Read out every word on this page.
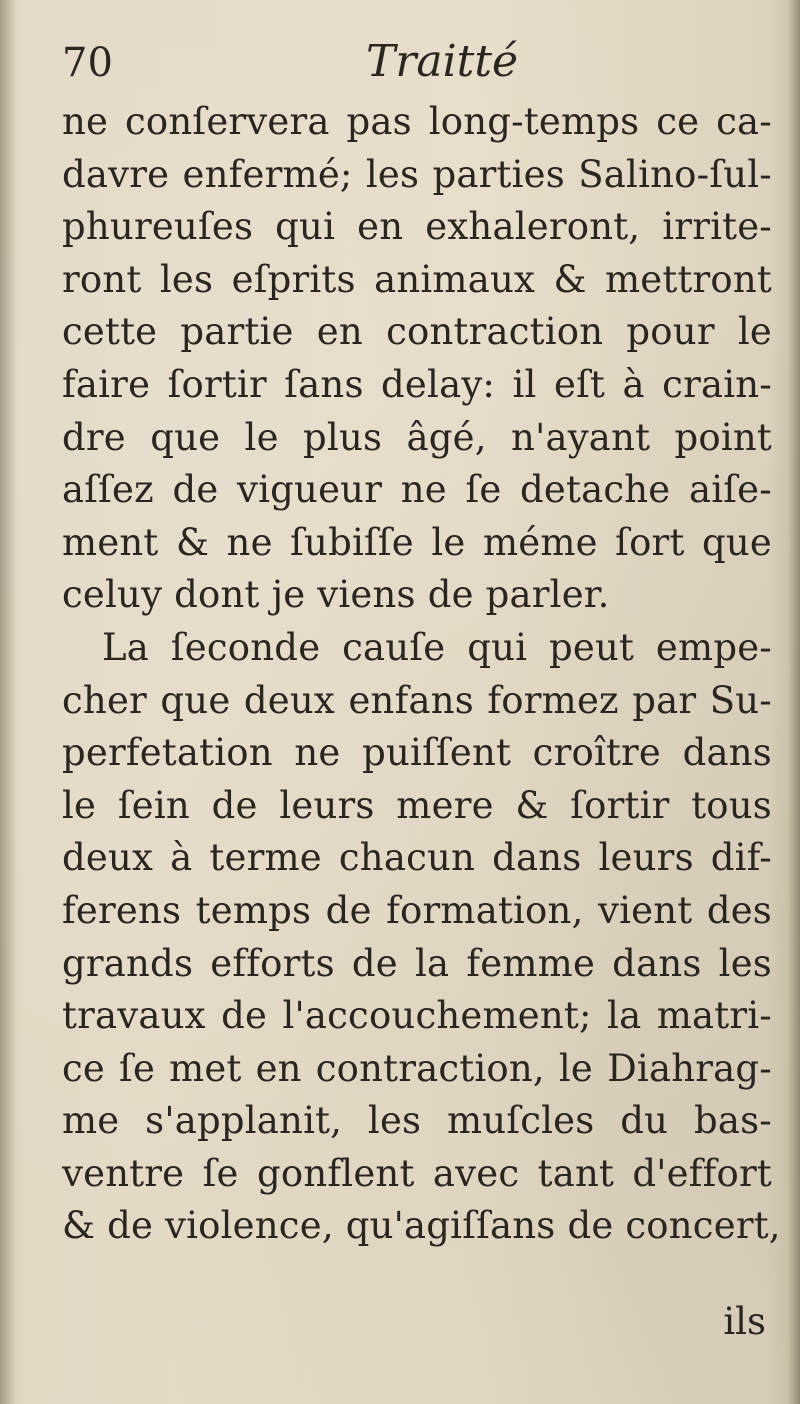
70	Traitté
ne conſervera pas long-temps ce ca-
davre enfermé; les parties Salino-ſul-
phureuſes qui en exhaleront, irrite-
ront les eſprits animaux & mettront
cette partie en contraction pour le
faire ſortir ſans delay: il eſt à crain-
dre que le plus âgé, n'ayant point
aſſez de vigueur ne ſe detache aiſe-
ment & ne ſubiſſe le méme ſort que
celuy dont je viens de parler.
La ſeconde cauſe qui peut empe-
cher que deux enfans formez par Su-
perfetation ne puiſſent croître dans
le ſein de leurs mere & ſortir tous
deux à terme chacun dans leurs dif-
ferens temps de formation, vient des
grands efforts de la femme dans les
travaux de l'accouchement; la matri-
ce ſe met en contraction, le Diahrag-
me s'applanit, les muſcles du bas-
ventre ſe gonflent avec tant d'effort
& de violence, qu'agiſſans de concert,
ils
